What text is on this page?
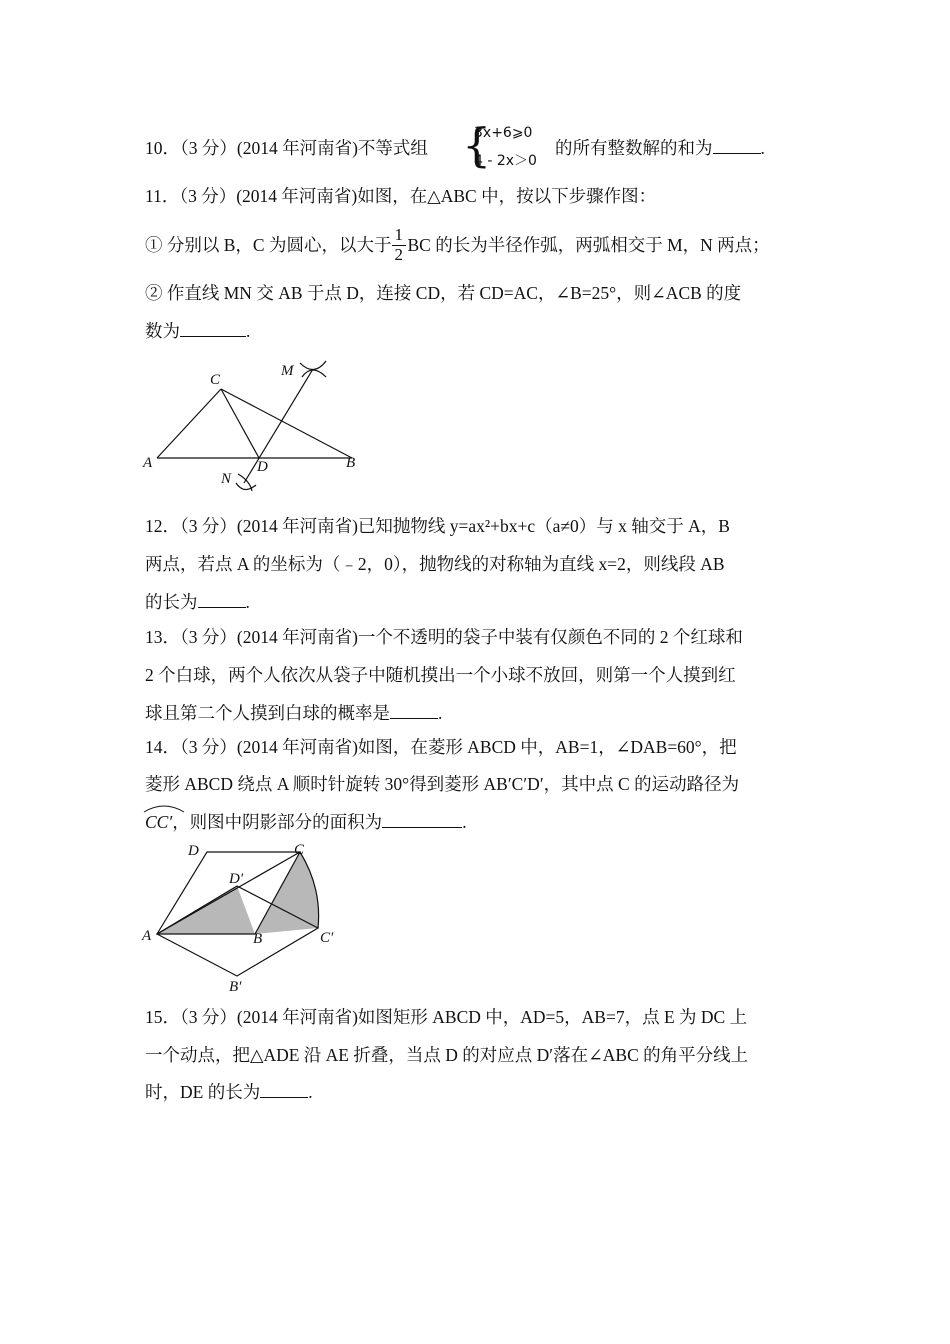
10．（3 分）(2014 年河南省)不等式组 {
3x+6⩾0
4 - 2x＞0
的所有整数解的和为	.
11．（3 分）(2014 年河南省)如图，在△ABC 中，按以下步骤作图：
① 分别以 B，C 为圆心，以大于 $\frac{1}{2}$ BC 的长为半径作弧，两弧相交于 M，N 两点；
② 作直线 MN 交 AB 于点 D，连接 CD，若 CD=AC，∠B=25°，则∠ACB 的度
数为	.
C
A	D	B
M
N
12．（3 分）(2014 年河南省)已知抛物线 y=ax²+bx+c（a≠0）与 x 轴交于 A，B
两点，若点 A 的坐标为（﹣2，0），抛物线的对称轴为直线 x=2，则线段 AB
的长为	.
13．（3 分）(2014 年河南省)一个不透明的袋子中装有仅颜色不同的 2 个红球和
2 个白球，两个人依次从袋子中随机摸出一个小球不放回，则第一个人摸到红
球且第二个人摸到白球的概率是	.
14．（3 分）(2014 年河南省)如图，在菱形 ABCD 中，AB=1，∠DAB=60°，把
菱形 ABCD 绕点 A 顺时针旋转 30°得到菱形 AB′C′D′，其中点 C 的运动路径为
CC′，则图中阴影部分的面积为	.
D	C
D′
A	B	C′
B′
15．（3 分）(2014 年河南省)如图矩形 ABCD 中，AD=5，AB=7，点 E 为 DC 上
一个动点，把△ADE 沿 AE 折叠，当点 D 的对应点 D′落在∠ABC 的角平分线上
时，DE 的长为	.
